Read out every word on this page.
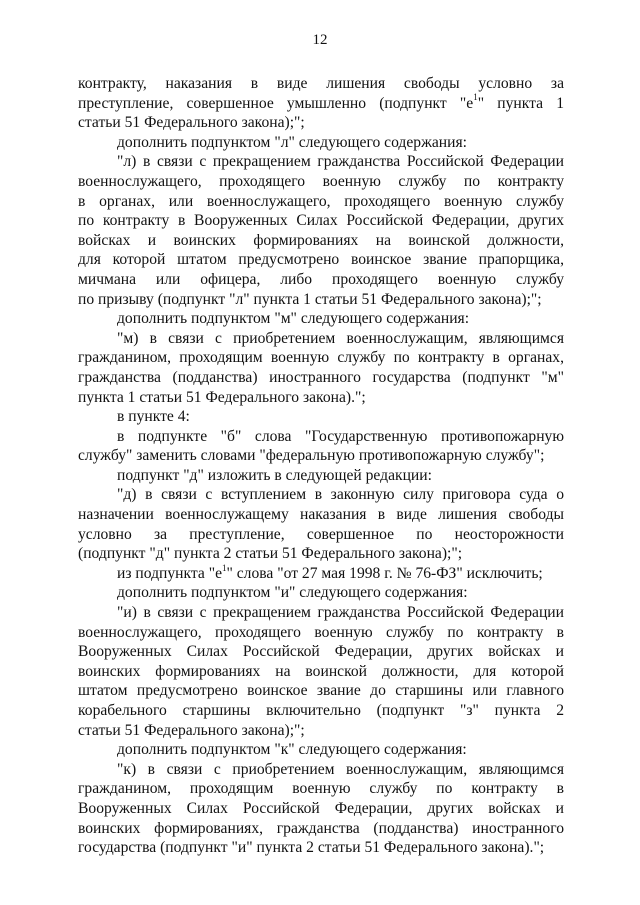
12
контракту, наказания в виде лишения свободы условно за
преступление, совершенное умышленно (подпункт "$е^1$" пункта 1
статьи 51 Федерального закона);";
дополнить подпунктом "л" следующего содержания:
"л) в связи с прекращением гражданства Российской Федерации
военнослужащего, проходящего военную службу по контракту
в органах, или военнослужащего, проходящего военную службу
по контракту в Вооруженных Силах Российской Федерации, других
войсках и воинских формированиях на воинской должности,
для которой штатом предусмотрено воинское звание прапорщика,
мичмана или офицера, либо проходящего военную службу
по призыву (подпункт "л" пункта 1 статьи 51 Федерального закона);";
дополнить подпунктом "м" следующего содержания:
"м) в связи с приобретением военнослужащим, являющимся
гражданином, проходящим военную службу по контракту в органах,
гражданства (подданства) иностранного государства (подпункт "м"
пункта 1 статьи 51 Федерального закона).";
в пункте 4:
в подпункте "б" слова "Государственную противопожарную
службу" заменить словами "федеральную противопожарную службу";
подпункт "д" изложить в следующей редакции:
"д) в связи с вступлением в законную силу приговора суда о
назначении военнослужащему наказания в виде лишения свободы
условно за преступление, совершенное по неосторожности
(подпункт "д" пункта 2 статьи 51 Федерального закона);";
из подпункта "$е^1$" слова "от 27 мая 1998 г. № 76-ФЗ" исключить;
дополнить подпунктом "и" следующего содержания:
"и) в связи с прекращением гражданства Российской Федерации
военнослужащего, проходящего военную службу по контракту в
Вооруженных Силах Российской Федерации, других войсках и
воинских формированиях на воинской должности, для которой
штатом предусмотрено воинское звание до старшины или главного
корабельного старшины включительно (подпункт "з" пункта 2
статьи 51 Федерального закона);";
дополнить подпунктом "к" следующего содержания:
"к) в связи с приобретением военнослужащим, являющимся
гражданином, проходящим военную службу по контракту в
Вооруженных Силах Российской Федерации, других войсках и
воинских формированиях, гражданства (подданства) иностранного
государства (подпункт "и" пункта 2 статьи 51 Федерального закона).";
